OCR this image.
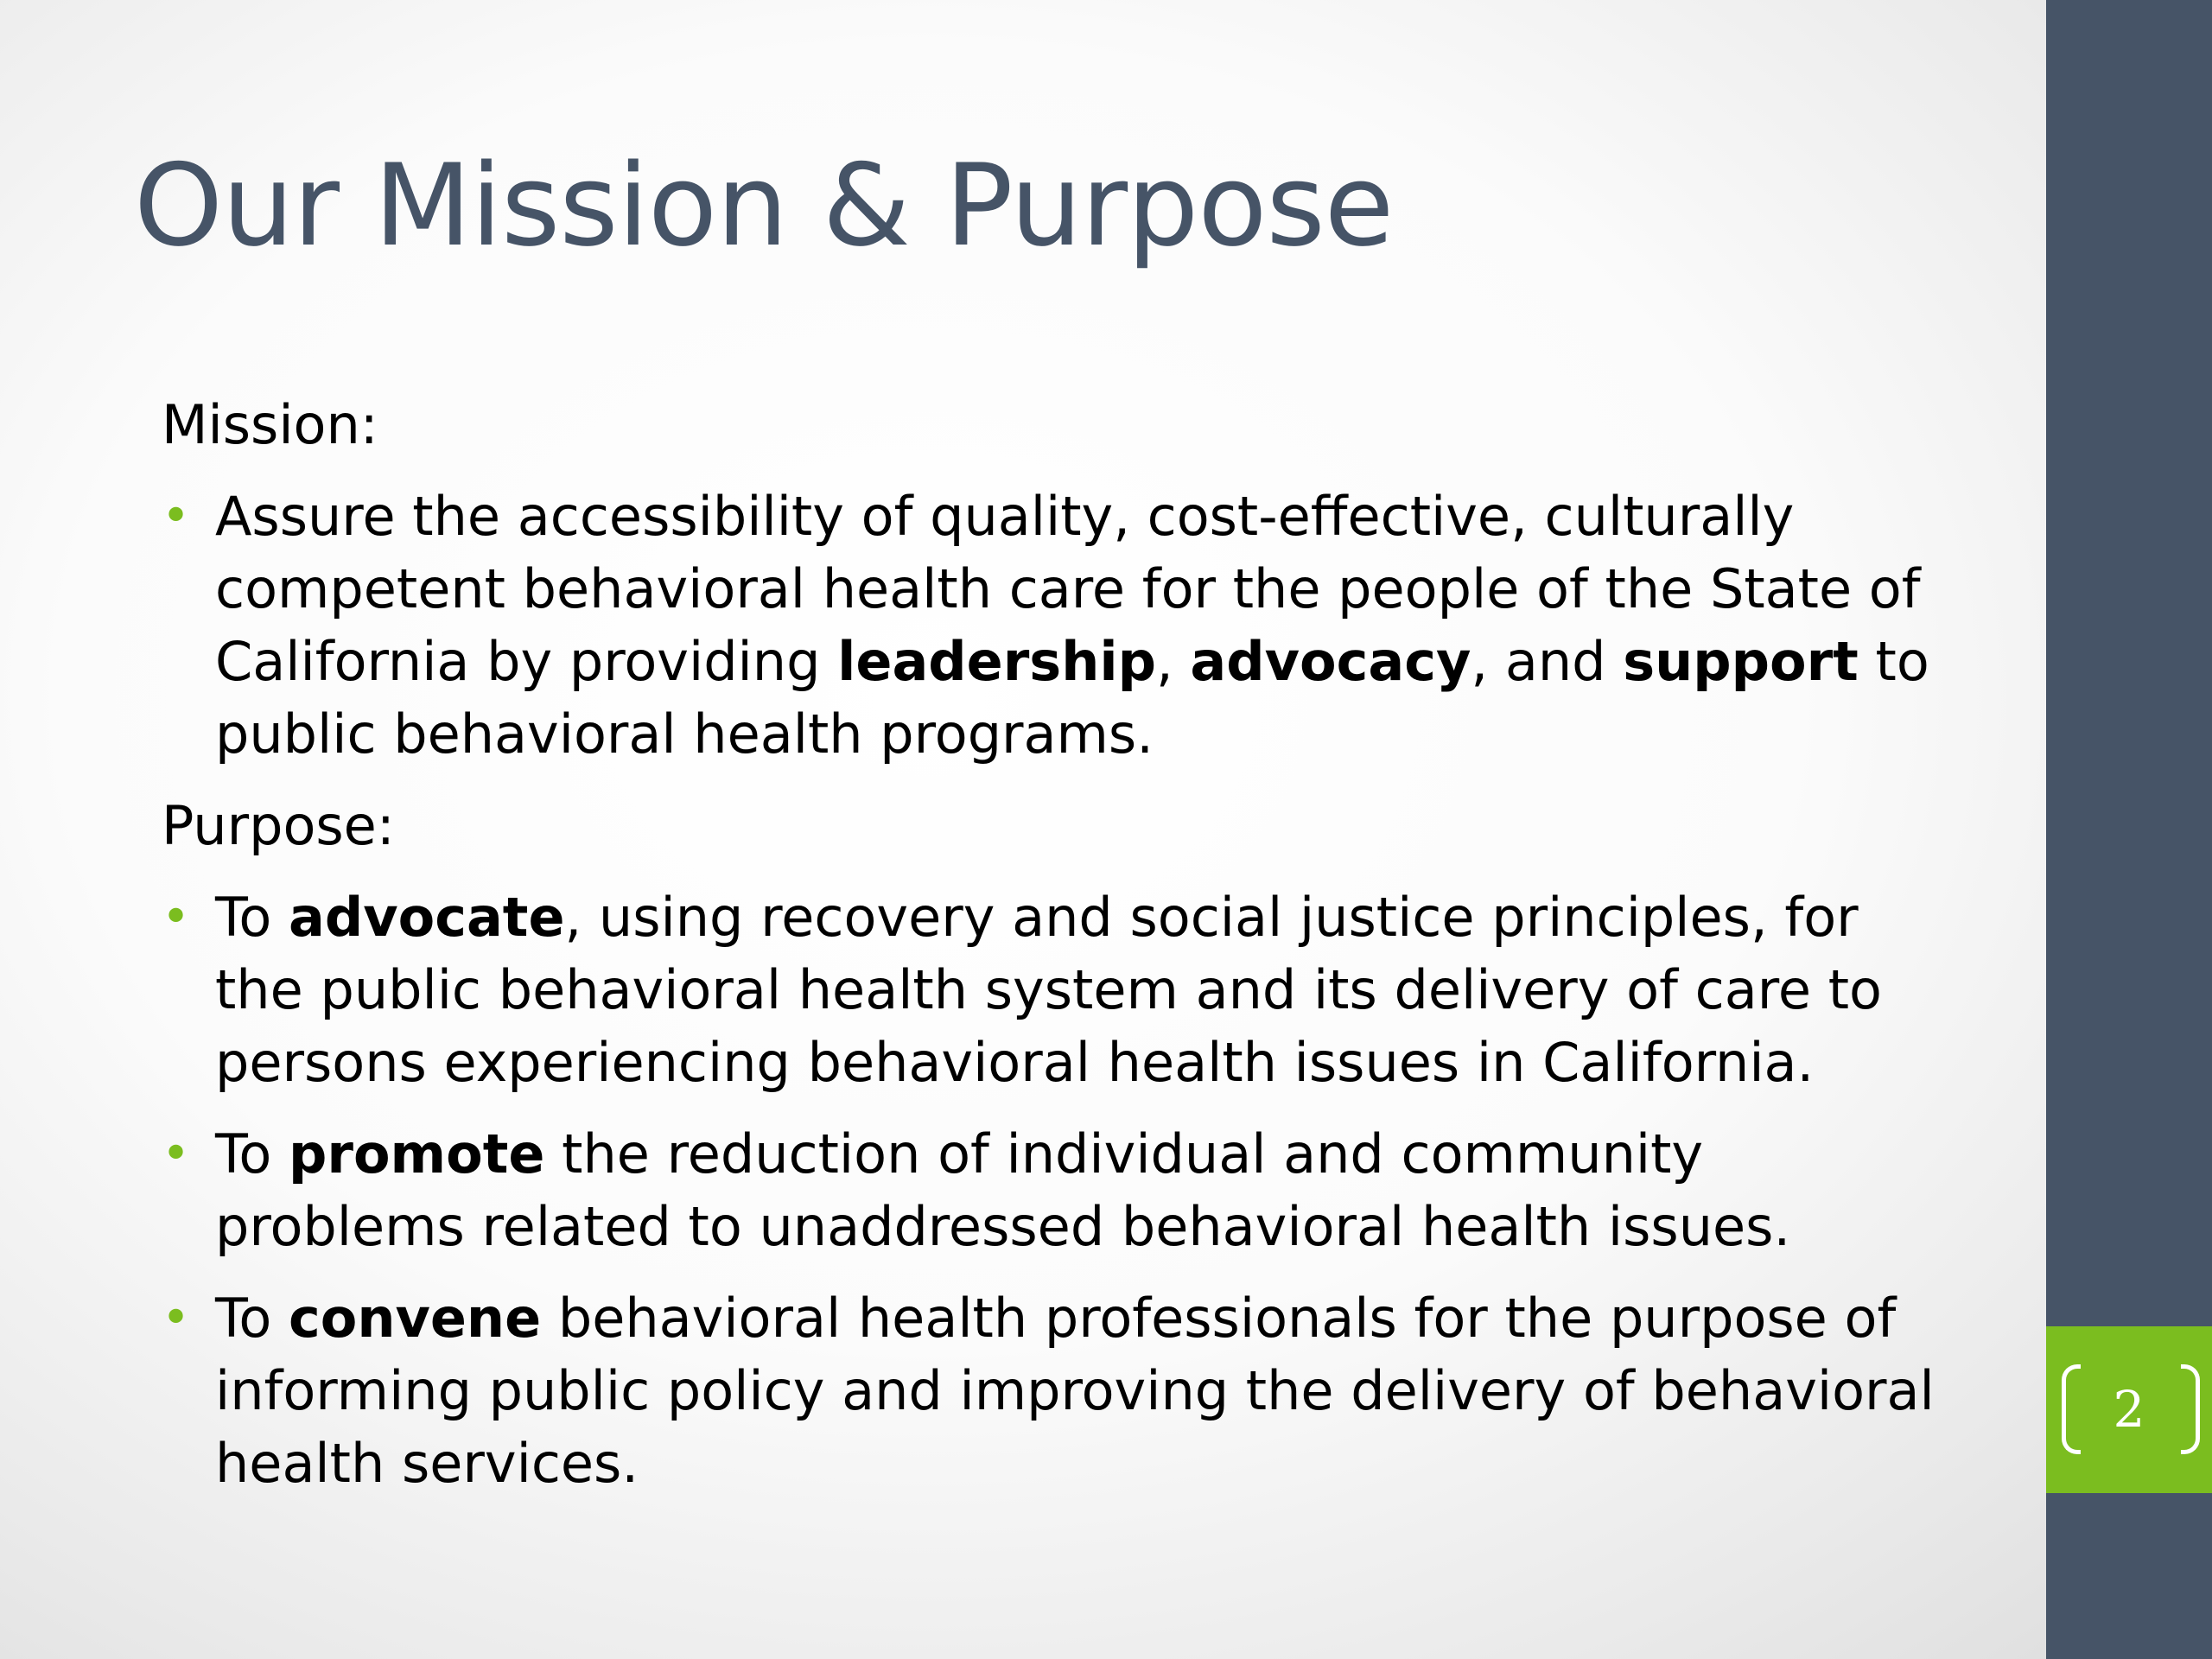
2
Our Mission & Purpose

Mission:

• Assure the accessibility of quality, cost-effective, culturally competent behavioral health care for the people of the State of California by providing leadership, advocacy, and support to public behavioral health programs.

Purpose:

• To advocate, using recovery and social justice principles, for the public behavioral health system and its delivery of care to persons experiencing behavioral health issues in California.
• To promote the reduction of individual and community problems related to unaddressed behavioral health issues.
• To convene behavioral health professionals for the purpose of informing public policy and improving the delivery of behavioral health services.
